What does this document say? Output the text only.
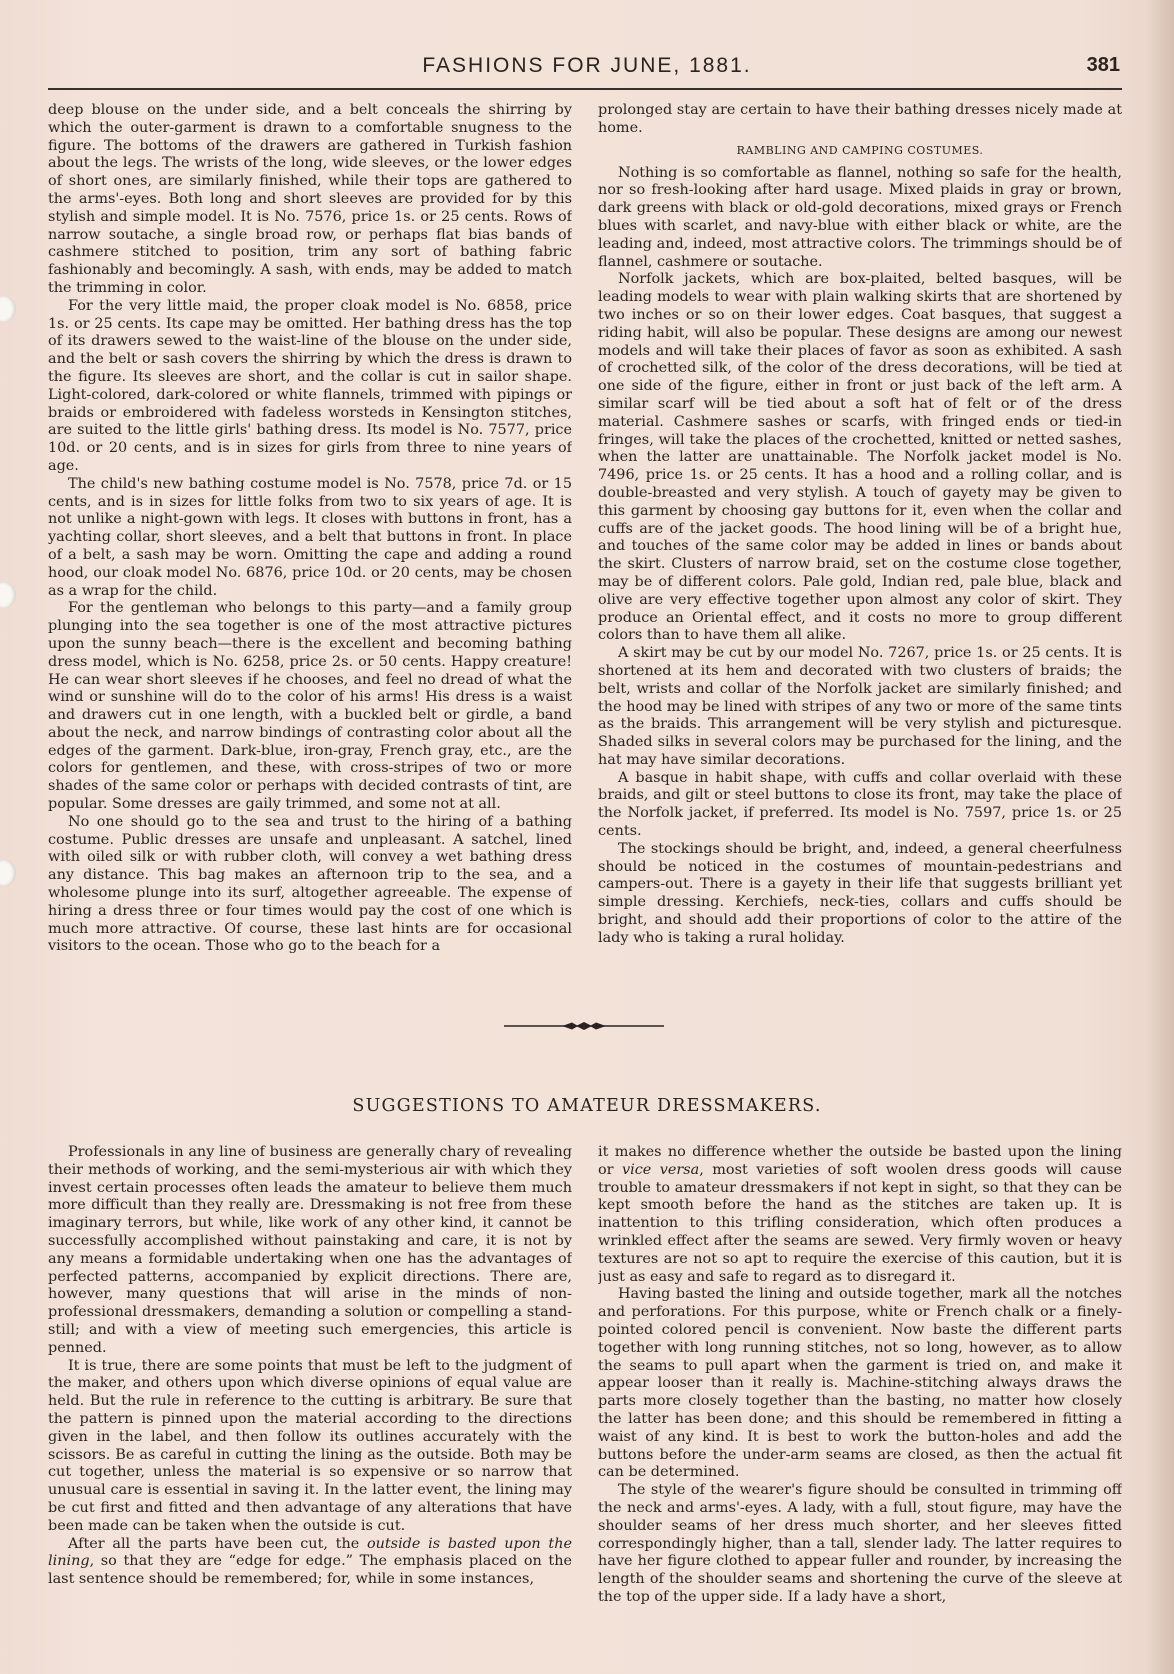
FASHIONS FOR JUNE, 1881.	381

deep blouse on the under side, and a belt conceals the shirring by which the outer-garment is drawn to a comfortable snugness to the figure. The bottoms of the drawers are gathered in Turkish fashion about the legs. The wrists of the long, wide sleeves, or the lower edges of short ones, are similarly finished, while their tops are gathered to the arms'-eyes. Both long and short sleeves are provided for by this stylish and simple model. It is No. 7576, price 1s. or 25 cents. Rows of narrow soutache, a single broad row, or perhaps flat bias bands of cashmere stitched to position, trim any sort of bathing fabric fashionably and becomingly. A sash, with ends, may be added to match the trimming in color.

For the very little maid, the proper cloak model is No. 6858, price 1s. or 25 cents. Its cape may be omitted. Her bathing dress has the top of its drawers sewed to the waist-line of the blouse on the under side, and the belt or sash covers the shirring by which the dress is drawn to the figure. Its sleeves are short, and the collar is cut in sailor shape. Light-colored, dark-colored or white flannels, trimmed with pipings or braids or embroidered with fadeless worsteds in Kensington stitches, are suited to the little girls' bathing dress. Its model is No. 7577, price 10d. or 20 cents, and is in sizes for girls from three to nine years of age.

The child's new bathing costume model is No. 7578, price 7d. or 15 cents, and is in sizes for little folks from two to six years of age. It is not unlike a night-gown with legs. It closes with buttons in front, has a yachting collar, short sleeves, and a belt that buttons in front. In place of a belt, a sash may be worn. Omitting the cape and adding a round hood, our cloak model No. 6876, price 10d. or 20 cents, may be chosen as a wrap for the child.

For the gentleman who belongs to this party—and a family group plunging into the sea together is one of the most attractive pictures upon the sunny beach—there is the excellent and becoming bathing dress model, which is No. 6258, price 2s. or 50 cents. Happy creature! He can wear short sleeves if he chooses, and feel no dread of what the wind or sunshine will do to the color of his arms! His dress is a waist and drawers cut in one length, with a buckled belt or girdle, a band about the neck, and narrow bindings of contrasting color about all the edges of the garment. Dark-blue, iron-gray, French gray, etc., are the colors for gentlemen, and these, with cross-stripes of two or more shades of the same color or perhaps with decided contrasts of tint, are popular. Some dresses are gaily trimmed, and some not at all.

No one should go to the sea and trust to the hiring of a bathing costume. Public dresses are unsafe and unpleasant. A satchel, lined with oiled silk or with rubber cloth, will convey a wet bathing dress any distance. This bag makes an afternoon trip to the sea, and a wholesome plunge into its surf, altogether agreeable. The expense of hiring a dress three or four times would pay the cost of one which is much more attractive. Of course, these last hints are for occasional visitors to the ocean. Those who go to the beach for a

prolonged stay are certain to have their bathing dresses nicely made at home.

RAMBLING AND CAMPING COSTUMES.

Nothing is so comfortable as flannel, nothing so safe for the health, nor so fresh-looking after hard usage. Mixed plaids in gray or brown, dark greens with black or old-gold decorations, mixed grays or French blues with scarlet, and navy-blue with either black or white, are the leading and, indeed, most attractive colors. The trimmings should be of flannel, cashmere or soutache.

Norfolk jackets, which are box-plaited, belted basques, will be leading models to wear with plain walking skirts that are shortened by two inches or so on their lower edges. Coat basques, that suggest a riding habit, will also be popular. These designs are among our newest models and will take their places of favor as soon as exhibited. A sash of crochetted silk, of the color of the dress decorations, will be tied at one side of the figure, either in front or just back of the left arm. A similar scarf will be tied about a soft hat of felt or of the dress material. Cashmere sashes or scarfs, with fringed ends or tied-in fringes, will take the places of the crochetted, knitted or netted sashes, when the latter are unattainable. The Norfolk jacket model is No. 7496, price 1s. or 25 cents. It has a hood and a rolling collar, and is double-breasted and very stylish. A touch of gayety may be given to this garment by choosing gay buttons for it, even when the collar and cuffs are of the jacket goods. The hood lining will be of a bright hue, and touches of the same color may be added in lines or bands about the skirt. Clusters of narrow braid, set on the costume close together, may be of different colors. Pale gold, Indian red, pale blue, black and olive are very effective together upon almost any color of skirt. They produce an Oriental effect, and it costs no more to group different colors than to have them all alike.

A skirt may be cut by our model No. 7267, price 1s. or 25 cents. It is shortened at its hem and decorated with two clusters of braids; the belt, wrists and collar of the Norfolk jacket are similarly finished; and the hood may be lined with stripes of any two or more of the same tints as the braids. This arrangement will be very stylish and picturesque. Shaded silks in several colors may be purchased for the lining, and the hat may have similar decorations.

A basque in habit shape, with cuffs and collar overlaid with these braids, and gilt or steel buttons to close its front, may take the place of the Norfolk jacket, if preferred. Its model is No. 7597, price 1s. or 25 cents.

The stockings should be bright, and, indeed, a general cheerfulness should be noticed in the costumes of mountain-pedestrians and campers-out. There is a gayety in their life that suggests brilliant yet simple dressing. Kerchiefs, neck-ties, collars and cuffs should be bright, and should add their proportions of color to the attire of the lady who is taking a rural holiday.

SUGGESTIONS TO AMATEUR DRESSMAKERS.

Professionals in any line of business are generally chary of revealing their methods of working, and the semi-mysterious air with which they invest certain processes often leads the amateur to believe them much more difficult than they really are. Dressmaking is not free from these imaginary terrors, but while, like work of any other kind, it cannot be successfully accomplished without painstaking and care, it is not by any means a formidable undertaking when one has the advantages of perfected patterns, accompanied by explicit directions. There are, however, many questions that will arise in the minds of non-professional dressmakers, demanding a solution or compelling a stand-still; and with a view of meeting such emergencies, this article is penned.

It is true, there are some points that must be left to the judgment of the maker, and others upon which diverse opinions of equal value are held. But the rule in reference to the cutting is arbitrary. Be sure that the pattern is pinned upon the material according to the directions given in the label, and then follow its outlines accurately with the scissors. Be as careful in cutting the lining as the outside. Both may be cut together, unless the material is so expensive or so narrow that unusual care is essential in saving it. In the latter event, the lining may be cut first and fitted and then advantage of any alterations that have been made can be taken when the outside is cut.

After all the parts have been cut, the outside is basted upon the lining, so that they are “edge for edge.” The emphasis placed on the last sentence should be remembered; for, while in some instances,

it makes no difference whether the outside be basted upon the lining or vice versa, most varieties of soft woolen dress goods will cause trouble to amateur dressmakers if not kept in sight, so that they can be kept smooth before the hand as the stitches are taken up. It is inattention to this trifling consideration, which often produces a wrinkled effect after the seams are sewed. Very firmly woven or heavy textures are not so apt to require the exercise of this caution, but it is just as easy and safe to regard as to disregard it.

Having basted the lining and outside together, mark all the notches and perforations. For this purpose, white or French chalk or a finely-pointed colored pencil is convenient. Now baste the different parts together with long running stitches, not so long, however, as to allow the seams to pull apart when the garment is tried on, and make it appear looser than it really is. Machine-stitching always draws the parts more closely together than the basting, no matter how closely the latter has been done; and this should be remembered in fitting a waist of any kind. It is best to work the button-holes and add the buttons before the under-arm seams are closed, as then the actual fit can be determined.

The style of the wearer's figure should be consulted in trimming off the neck and arms'-eyes. A lady, with a full, stout figure, may have the shoulder seams of her dress much shorter, and her sleeves fitted correspondingly higher, than a tall, slender lady. The latter requires to have her figure clothed to appear fuller and rounder, by increasing the length of the shoulder seams and shortening the curve of the sleeve at the top of the upper side. If a lady have a short,
